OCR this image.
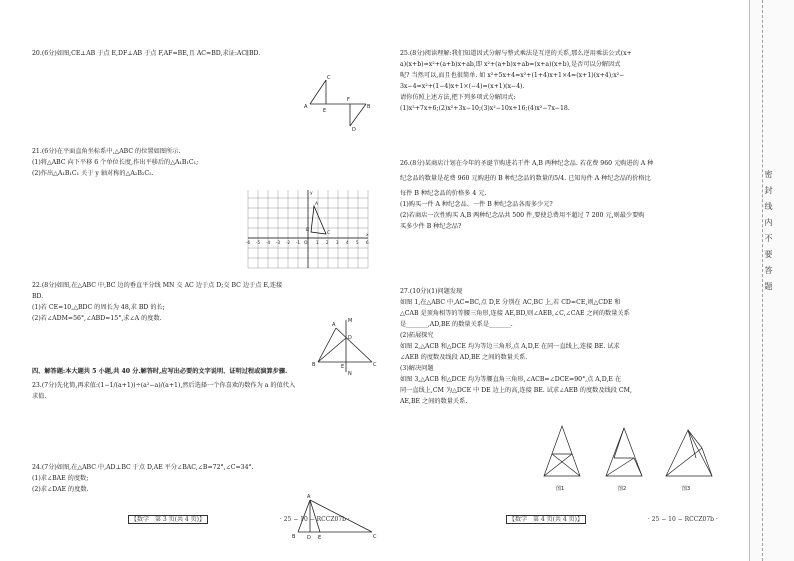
20.(6分)如图,CE⊥AB 于点 E,DF⊥AB 于点 F,AF=BE,且 AC=BD,求证:AC∥BD.

C
A
E
F
B
D

21.(6分)在平面直角坐标系中,△ABC 的位置如图所示.

(1)将△ABC 向下平移 6 个单位长度,作出平移后的△A₁B₁C₁;

(2)作出△A₁B₁C₁ 关于 y 轴对称的△A₂B₂C₂.

y
x
O
A
B
C
-6 -5 -4 -3 -2 -1	1 2 3 4 5 6

22.(8分)如图,在△ABC 中,BC 边的垂直平分线 MN 交 AC 边于点 D;交 BC 边于点 E,连接

BD.

(1)若 CE=10,△BDC 的周长为 48,求 BD 的长;

(2)若∠ADM=56°,∠ABD=15°,求∠A 的度数.

A
M
D
B	E	C
N

四、解答题:本大题共 5 小题,共 40 分.解答时,应写出必要的文字说明、证明过程或演算步骤.

23.(7分)先化简,再求值:(1−1/(a+1))÷(a²−a)/(a+1),然后选择一个你喜欢的数作为 a 的值代入

求值.

24.(7分)如图,在△ABC 中,AD⊥BC 于点 D,AE 平分∠BAC,∠B=72°,∠C=34°.

(1)求∠BAE 的度数;

(2)求∠DAE 的度数.

A
B D E	C
【数学　第 3 页(共 4 页)】	· 25 − 10 − RCCZ07b ·

25.(8分)阅读理解:我们知道因式分解与整式乘法是互逆的关系,那么逆用乘法公式(x+

a)(x+b)=x²+(a+b)x+ab,即 x²+(a+b)x+ab=(x+a)(x+b),是否可以分解因式

呢? 当然可以,而且也很简单. 如 x²+5x+4=x²+(1+4)x+1×4=(x+1)(x+4);x²−

3x−4=x²+(1−4)x+1×(−4)=(x+1)(x−4).

请你仿照上述方法,把下列多项式分解因式:

(1)x²+7x+6;(2)x²+3x−10;(3)x²−10x+16;(4)x²−7x−18.

26.(8分)某商店计划在今年的圣诞节购进若干件 A,B 两种纪念品. 若花费 960 元购进的 A 种

纪念品的数量是花费 960 元购进的 B 种纪念品的数量的5/4. 已知每件 A 种纪念品的价格比

每件 B 种纪念品的价格多 4 元.

(1)购买一件 A 种纪念品、一件 B 种纪念品各需多少元?

(2)若商店一次性购买 A,B 两种纪念品共 500 件,要使总费用不超过 7 200 元,则最少要购

买多少件 B 种纪念品?

27.(10分)(1)问题发现

如图 1,在△ABC 中,AC=BC,点 D,E 分别在 AC,BC 上,若 CD=CE,则△CDE 和

△CAB 是顶角相等的等腰三角形,连接 AE,BD,则∠AEB,∠C,∠CAE 之间的数量关系

是_______,AD,BE 的数量关系是_______.

(2)拓展探究

如图 2,△ACB 和△DCE 均为等边三角形,点 A,D,E 在同一直线上,连接 BE. 试求

∠AEB 的度数及线段 AD,BE 之间的数量关系.

(3)解决问题

如图 3,△ACB 和△DCE 均为等腰直角三角形,∠ACB=∠DCE=90°,点 A,D,E 在

同一直线上,CM 为△DCE 中 DE 边上的高,连接 BE. 试求∠AEB 的度数及线段 CM,

AE,BE 之间的数量关系.

图1	图2	图3
【数学　第 4 页(共 4 页)】	· 25 − 10 − RCCZ07b ·
密　封　线　内　不　要　答　题
